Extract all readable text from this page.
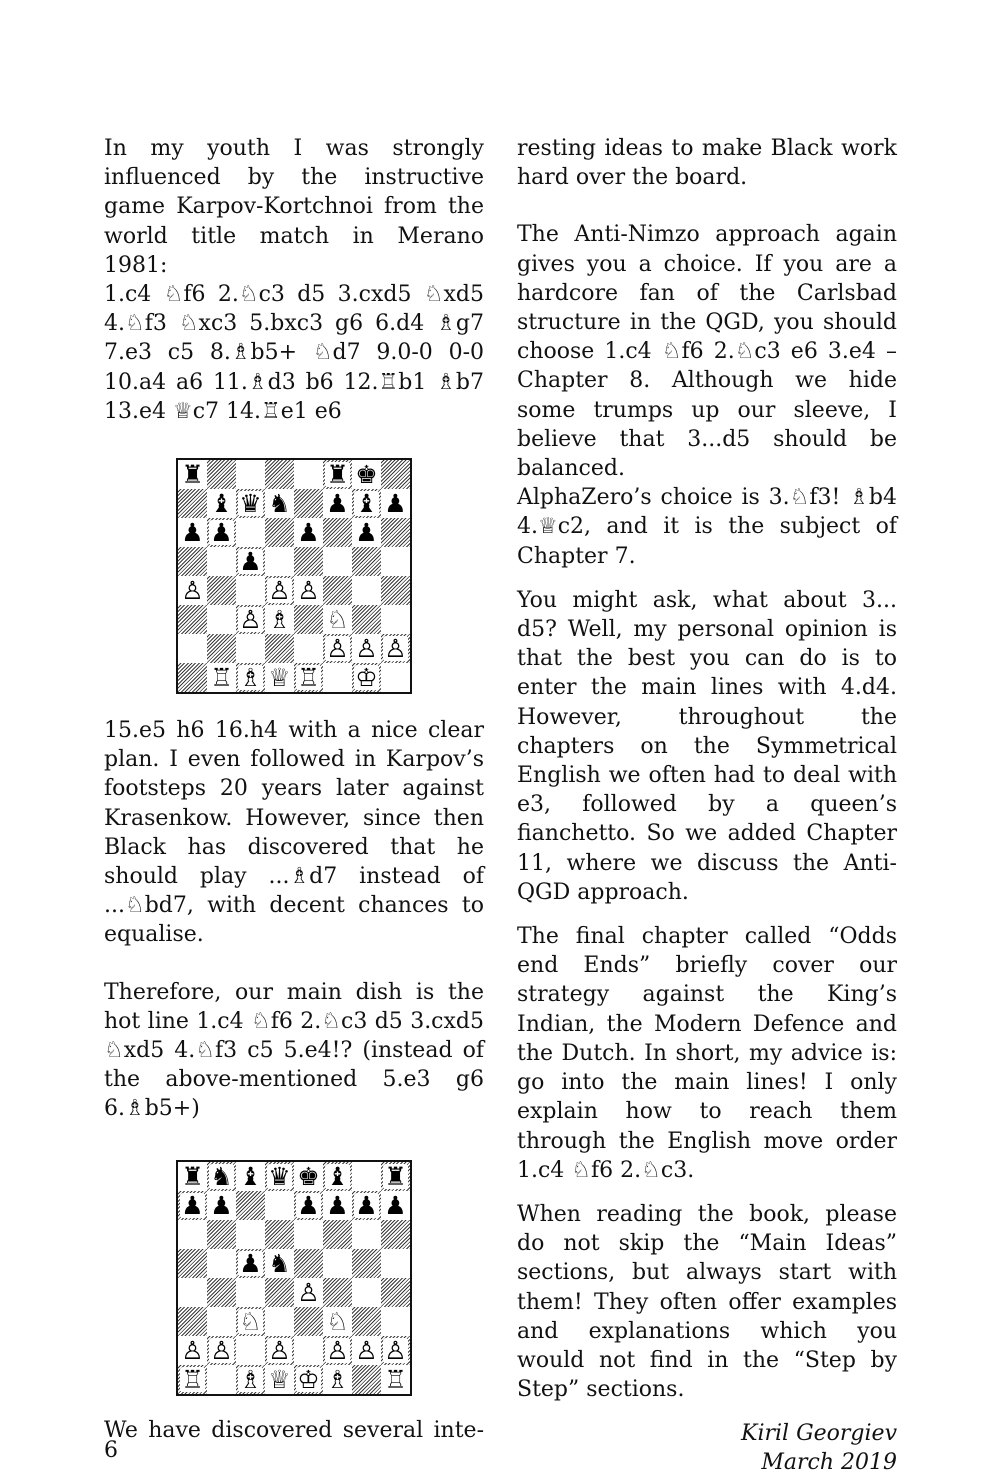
In my youth I was strongly influenced by the instructive game Karpov-Kortchnoi from the world title match in Merano 1981:

1.c4 ♘f6 2.♘c3 d5 3.cxd5 ♘xd5 4.♘f3 ♘xc3 5.bxc3 g6 6.d4 ♗g7 7.e3 c5 8.♗b5+ ♘d7 9.0-0 0-0 10.a4 a6 11.♗d3 b6 12.♖b1 ♗b7 13.e4 ♕c7 14.♖e1 e6

♜	♜ ♚
♝ ♛ ♞ ♟ ♝ ♟
♟ ♟	♟ ♟
♟
♙	♙ ♙
♙ ♗ ♘
♙ ♙ ♙
♖ ♗ ♕ ♖ ♔

15.e5 h6 16.h4 with a nice clear plan. I even followed in Karpov’s footsteps 20 years later against Krasenkow. However, since then Black has discovered that he should play ...♗d7 instead of ...♘bd7, with decent chances to equalise.

Therefore, our main dish is the hot line 1.c4 ♘f6 2.♘c3 d5 3.cxd5 ♘xd5 4.♘f3 c5 5.e4!? (instead of the above-mentioned 5.e3 g6 6.♗b5+)

♜ ♞ ♝ ♛ ♚ ♝ ♜
♟ ♟	♟ ♟ ♟ ♟
♟ ♞
♙
♘	♘
♙ ♙ ♙ ♙ ♙ ♙
♖ ♗ ♕ ♔ ♗ ♖

We have discovered several inte-

resting ideas to make Black work hard over the board.

The Anti-Nimzo approach again gives you a choice. If you are a hardcore fan of the Carlsbad structure in the QGD, you should choose 1.c4 ♘f6 2.♘c3 e6 3.e4 – Chapter 8. Although we hide some trumps up our sleeve, I believe that 3...d5 should be balanced.

AlphaZero’s choice is 3.♘f3! ♗b4 4.♕c2, and it is the subject of Chapter 7.

You might ask, what about 3... d5? Well, my personal opinion is that the best you can do is to enter the main lines with 4.d4. However, throughout the chapters on the Symmetrical English we often had to deal with e3, followed by a queen’s fianchetto. So we added Chapter 11, where we discuss the Anti-QGD approach.

The final chapter called “Odds end Ends” briefly cover our strategy against the King’s Indian, the Modern Defence and the Dutch. In short, my advice is: go into the main lines! I only explain how to reach them through the English move order 1.c4 ♘f6 2.♘c3.

When reading the book, please do not skip the “Main Ideas” sections, but always start with them! They often offer examples and explanations which you would not find in the “Step by Step” sections.

Kiril Georgiev

March 2019

6
